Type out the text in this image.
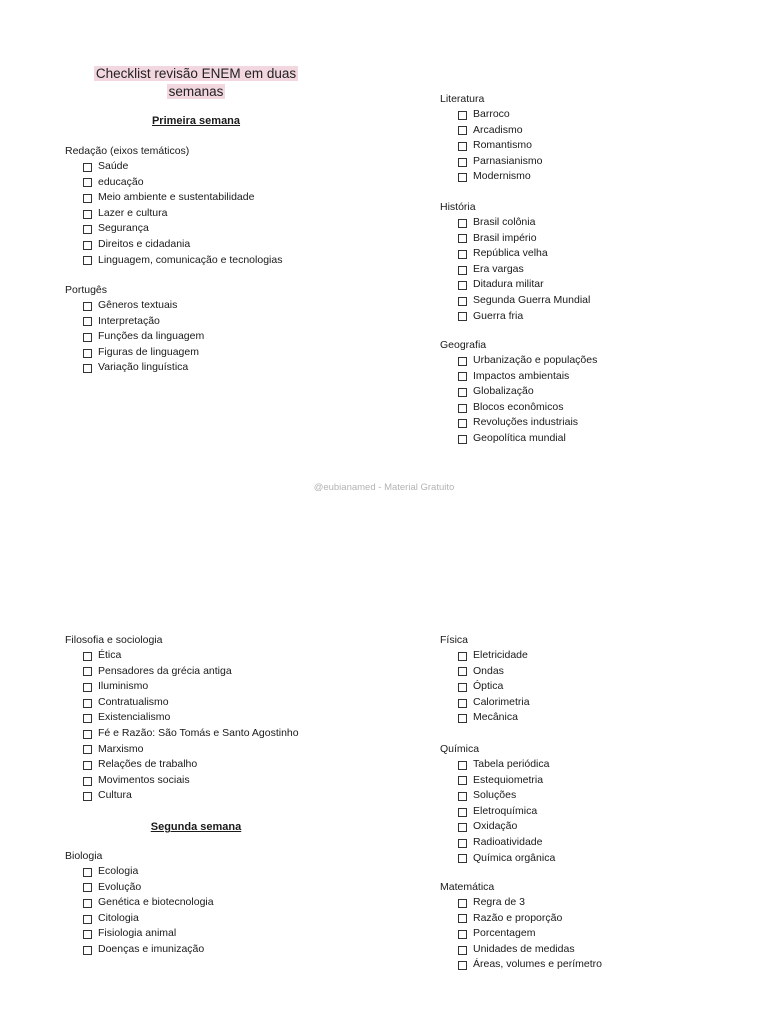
Checklist revisão ENEM em duas
semanas
Primeira semana
Segunda semana
Redação (eixos temáticos)
Saúde
educação
Meio ambiente e sustentabilidade
Lazer e cultura
Segurança
Direitos e cidadania
Linguagem, comunicação e tecnologias
Portugês
Gêneros textuais
Interpretação
Funções da linguagem
Figuras de linguagem
Variação linguística
Filosofia e sociologia
Ética
Pensadores da grécia antiga
Iluminismo
Contratualismo
Existencialismo
Fé e Razão: São Tomás e Santo Agostinho
Marxismo
Relações de trabalho
Movimentos sociais
Cultura
Biologia
Ecologia
Evolução
Genética e biotecnologia
Citologia
Fisiologia animal
Doenças e imunização
Literatura
Barroco
Arcadismo
Romantismo
Parnasianismo
Modernismo
História
Brasil colônia
Brasil império
República velha
Era vargas
Ditadura militar
Segunda Guerra Mundial
Guerra fria
Geografia
Urbanização e populações
Impactos ambientais
Globalização
Blocos econômicos
Revoluções industriais
Geopolítica mundial
Física
Eletricidade
Ondas
Óptica
Calorimetria
Mecânica
Química
Tabela periódica
Estequiometria
Soluções
Eletroquímica
Oxidação
Radioatividade
Química orgânica
Matemática
Regra de 3
Razão e proporção
Porcentagem
Unidades de medidas
Áreas, volumes e perímetro
@eubianamed - Material Gratuito
